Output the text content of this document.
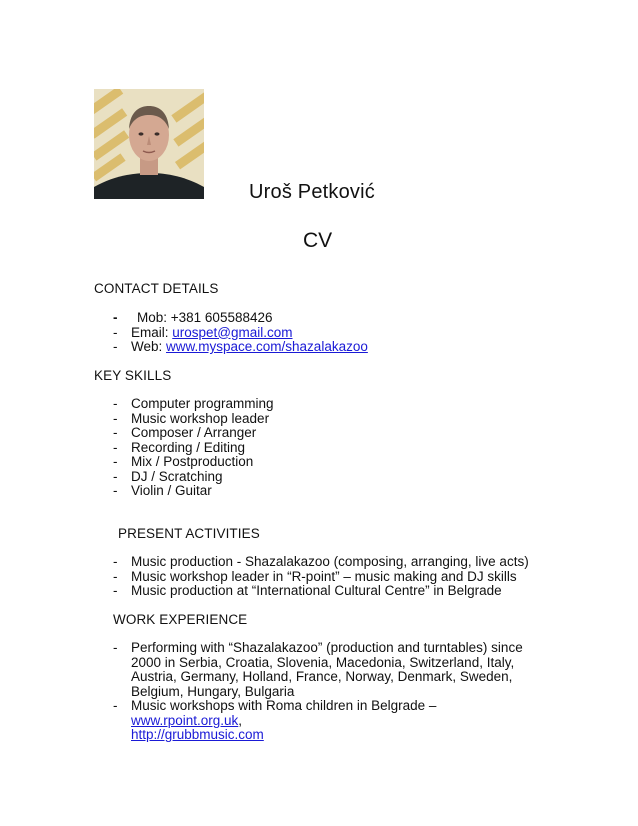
Uroš Petković
CV
CONTACT DETAILS
- Mob: +381 605588426
- Email: urospet@gmail.com
- Web: www.myspace.com/shazalakazoo
KEY SKILLS
- Computer programming
- Music workshop leader
- Composer / Arranger
- Recording / Editing
- Mix / Postproduction
- DJ / Scratching
- Violin / Guitar
PRESENT ACTIVITIES
- Music production - Shazalakazoo (composing, arranging, live acts)
- Music workshop leader in “R-point” – music making and DJ skills
- Music production at “International Cultural Centre” in Belgrade
WORK EXPERIENCE
- Performing with “Shazalakazoo” (production and turntables) since 2000 in Serbia, Croatia, Slovenia, Macedonia, Switzerland, Italy, Austria, Germany, Holland, France, Norway, Denmark, Sweden, Belgium, Hungary, Bulgaria
- Music workshops with Roma children in Belgrade – www.rpoint.org.uk,
http://grubbmusic.com
